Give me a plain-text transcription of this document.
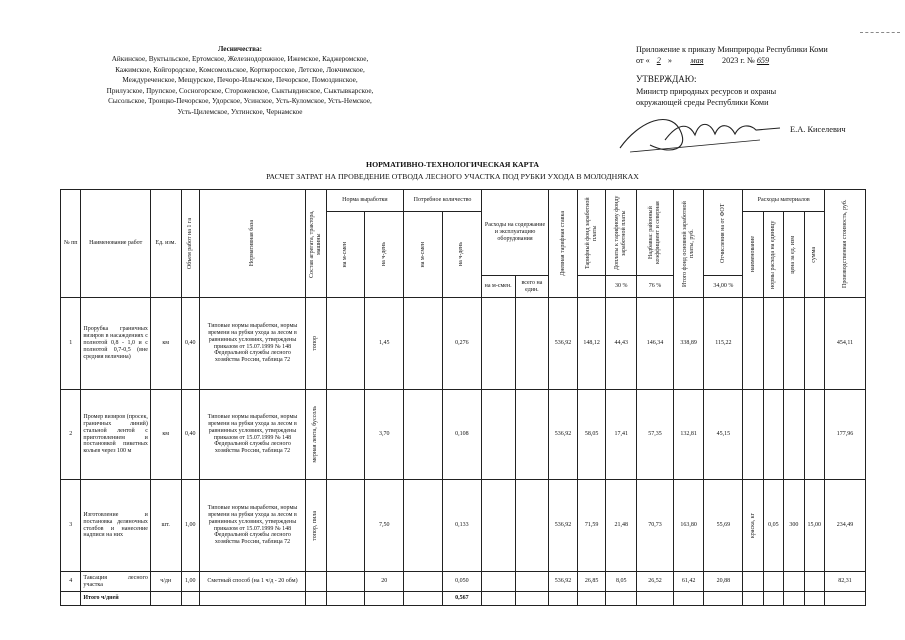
Лесничества:
Айкинское, Вуктыльское, Ертомское, Железнодорожное, Ижемское, Каджеромское,
Кажимское, Койгородское, Комсомольское, Корткеросское, Летское, Локчимское,
Междуреченское, Мещурское, Печоро-Илычское, Печорское, Помоздинское,
Прилузское, Прупское, Сосногорское, Сторожевское, Сыктывдинское, Сыктывкарское,
Сысольское, Троицко-Печорское, Удорское, Усинское, Усть-Куломское, Усть-Немское,
Усть-Цилемское, Ухтинское, Чернамское
Приложение к приказу Минприроды Республики Коми
от « 2 » мая 2023 г. № 659
УТВЕРЖДАЮ:
Министр природных ресурсов и охраны
окружающей среды Республики Коми
Е.А. Киселевич
НОРМАТИВНО-ТЕХНОЛОГИЧЕСКАЯ КАРТА
РАСЧЕТ ЗАТРАТ НА ПРОВЕДЕНИЕ ОТВОДА ЛЕСНОГО УЧАСТКА ПОД РУБКИ УХОДА В МОЛОДНЯКАХ
№ пп	Наименование работ	Ед. изм.	Объем работ на 1 га	Нормативная база	Состав агрегата, трактора, машины	Норма выработки		Потребное количество		Расходы на содержание и эксплуатацию оборудования		Дневная тарифная ставка	Тарифный фонд заработной платы	Доплаты к тарифному фонду заработной платы	Надбавка: районный коэффициент и северная	Итого фонд основной заработной платы, руб.	Отчисления на от ФОТ	Расходы материалов				Производственная стоимость, руб.

						на м-смен	на ч-день	на м-смен	на ч-день									наименование	нормы расхода на единицу	цена за ед. изм	сумма	

										на м-смен.	всего на един.			30 %	76 %		34,00 %					
1	Прорубка граничных визиров в насаждениях с полнотой 0,8 - 1,0 и с полнотой 0,7-0,5 (вне средняя величина)	км	0,40	Типовые нормы выработки, нормы времени на рубки ухода за лесом в равнинных условиях, утверждены приказом от 15.07.1999 № 148 Федеральной службы лесного хозяйства России, таблица 72	топор		1,45		0,276			536,92	148,12	44,43	146,34	338,89	115,22					454,11
2	Промер визиров (просек, граничных линий) стальной лентой с приготовлением и постановкой пикетных кольев через 100 м	км	0,40	Типовые нормы выработки, нормы времени на рубки ухода за лесом в равнинных условиях, утверждены приказом от 15.07.1999 № 148 Федеральной службы лесного хозяйства России, таблица 72	мерная лента, буссоль		3,70		0,108			536,92	58,05	17,41	57,35	132,81	45,15					177,96
3	Изготовление и постановка деляночных столбов и нанесение надписи на них	шт.	1,00	Типовые нормы выработки, нормы времени на рубки ухода за лесом в равнинных условиях, утверждены приказом от 15.07.1999 № 148 Федеральной службы лесного хозяйства России, таблица 72	топор, пила		7,50		0,133			536,92	71,59	21,48	70,73	163,80	55,69	краска, кг	0,05	300	15,00	234,49
4	Таксация лесного участка	ч/дн	1,00	Сметный способ (на 1 ч/д - 20 обм)			20		0,050			536,92	26,85	8,05	26,52	61,42	20,88					82,31
	Итого ч/дней								0,567													
